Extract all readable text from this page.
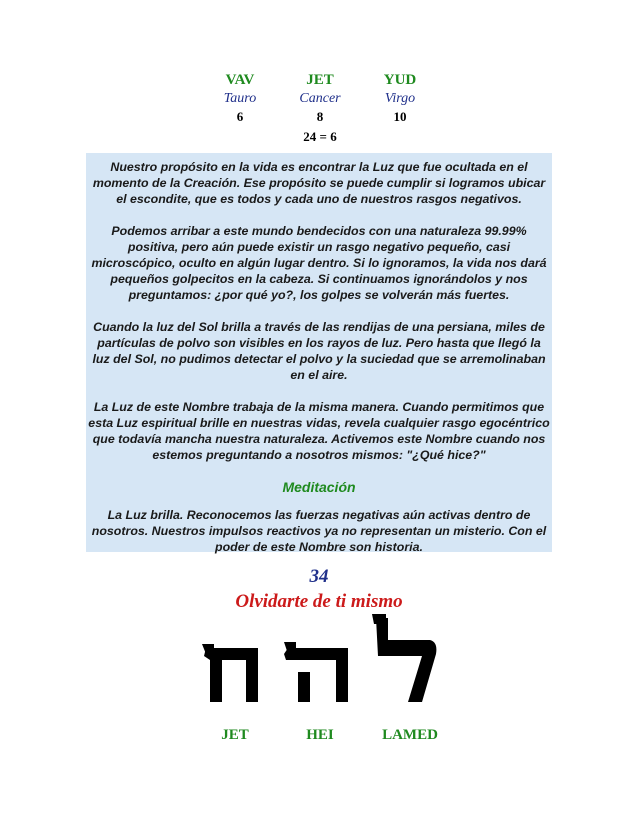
VAV	JET	YUD
Tauro	Cancer	Virgo
6	8	10
24 = 6

Nuestro propósito en la vida es encontrar la Luz que fue ocultada en el momento de la Creación. Ese propósito se puede cumplir si logramos ubicar el escondite, que es todos y cada uno de nuestros rasgos negativos.

Podemos arribar a este mundo bendecidos con una naturaleza 99.99% positiva, pero aún puede existir un rasgo negativo pequeño, casi microscópico, oculto en algún lugar dentro. Si lo ignoramos, la vida nos dará pequeños golpecitos en la cabeza. Si continuamos ignorándolos y nos preguntamos: ¿por qué yo?, los golpes se volverán más fuertes.

Cuando la luz del Sol brilla a través de las rendijas de una persiana, miles de partículas de polvo son visibles en los rayos de luz. Pero hasta que llegó la luz del Sol, no pudimos detectar el polvo y la suciedad que se arremolinaban en el aire.

La Luz de este Nombre trabaja de la misma manera. Cuando permitimos que esta Luz espiritual brille en nuestras vidas, revela cualquier rasgo egocéntrico que todavía mancha nuestra naturaleza. Activemos este Nombre cuando nos estemos preguntando a nosotros mismos: "¿Qué hice?"

Meditación

La Luz brilla. Reconocemos las fuerzas negativas aún activas dentro de nosotros. Nuestros impulsos reactivos ya no representan un misterio. Con el poder de este Nombre son historia.

34
Olvidarte de ti mismo
JET	HEI	LAMED
